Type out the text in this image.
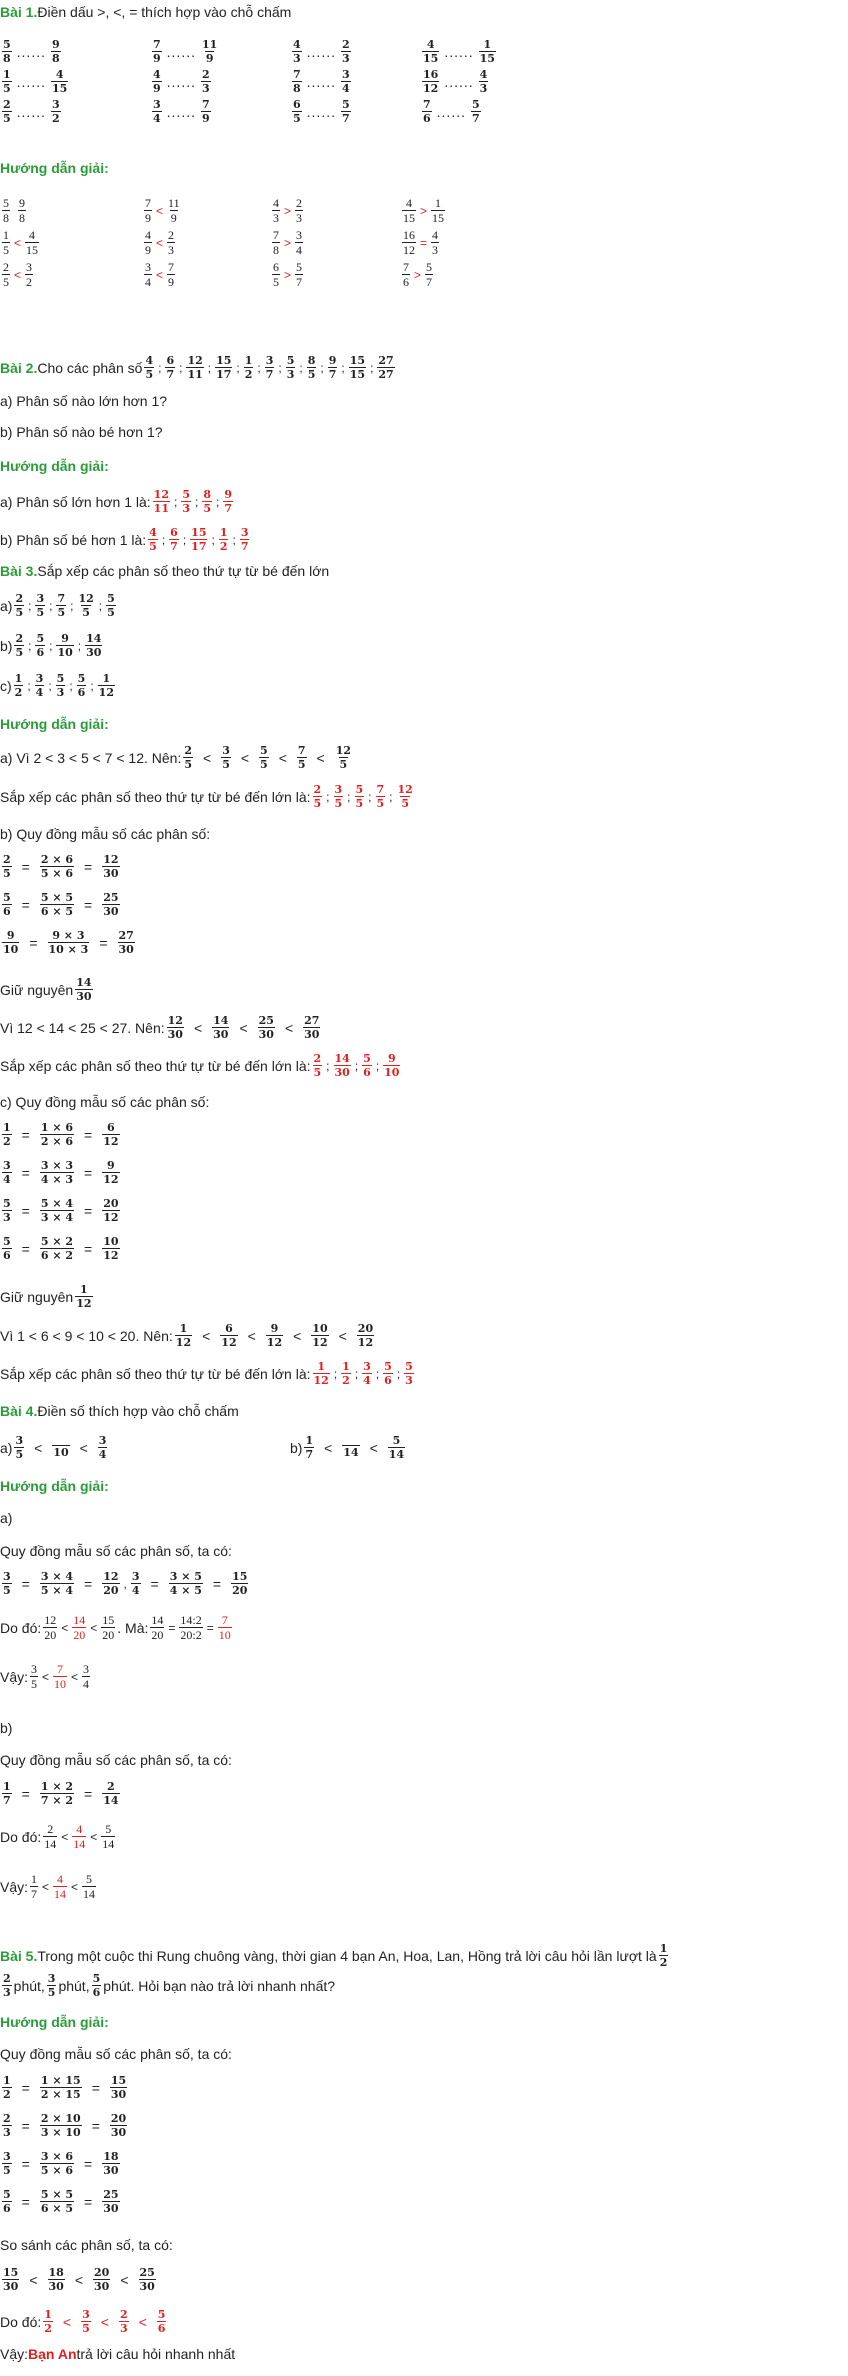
Bài 1. Điền dấu >, <, = thích hợp vào chỗ chấm
$\frac{5}{8}$ ...... $\frac{9}{8}$	$\frac{7}{9}$ ...... $\frac{11}{9}$	$\frac{4}{3}$ ...... $\frac{2}{3}$	$\frac{4}{15}$ ...... $\frac{1}{15}$
$\frac{1}{5}$ ...... $\frac{4}{15}$	$\frac{4}{9}$ ...... $\frac{2}{3}$	$\frac{7}{8}$ ...... $\frac{3}{4}$	$\frac{16}{12}$ ...... $\frac{4}{3}$
$\frac{2}{5}$ ...... $\frac{3}{2}$	$\frac{3}{4}$ ...... $\frac{7}{9}$	$\frac{6}{5}$ ...... $\frac{5}{7}$	$\frac{7}{6}$ ...... $\frac{5}{7}$
Hướng dẫn giải:
$\frac{5}{8} \frac{9}{8}$	$\frac{7}{9} < \frac{11}{9}$	$\frac{4}{3} > \frac{2}{3}$	$\frac{4}{15} > \frac{1}{15}$
$\frac{1}{5} < \frac{4}{15}$	$\frac{4}{9} < \frac{2}{3}$	$\frac{7}{8} > \frac{3}{4}$	$\frac{16}{12} = \frac{4}{3}$
$\frac{2}{5} < \frac{3}{2}$	$\frac{3}{4} < \frac{7}{9}$	$\frac{6}{5} > \frac{5}{7}$	$\frac{7}{6} > \frac{5}{7}$
Bài 2. Cho các phân số $\frac{4}{5}$ ; $\frac{6}{7}$ ; $\frac{12}{11}$ ; $\frac{15}{17}$ ; $\frac{1}{2}$ ; $\frac{3}{7}$ ; $\frac{5}{3}$ ; $\frac{8}{5}$ ; $\frac{9}{7}$ ; $\frac{15}{15}$ ; $\frac{27}{27}$
a) Phân số nào lớn hơn 1?
b) Phân số nào bé hơn 1?
Hướng dẫn giải:
a) Phân số lớn hơn 1 là: $\frac{12}{11}$ ; $\frac{5}{3}$ ; $\frac{8}{5}$ ; $\frac{9}{7}$
b) Phân số bé hơn 1 là: $\frac{4}{5}$ ; $\frac{6}{7}$ ; $\frac{15}{17}$ ; $\frac{1}{2}$ ; $\frac{3}{7}$
Bài 3. Sắp xếp các phân số theo thứ tự từ bé đến lớn
$a) \frac{2}{5}$ ; $\frac{3}{5}$ ; $\frac{7}{5}$ ; $\frac{12}{5}$ ; $\frac{5}{5}$
$b) \frac{2}{5}$ ; $\frac{5}{6}$ ; $\frac{9}{10}$ ; $\frac{14}{30}$
$c) \frac{1}{2}$ ; $\frac{3}{4}$ ; $\frac{5}{3}$ ; $\frac{5}{6}$ ; $\frac{1}{12}$
Hướng dẫn giải:
a) Vì 2 < 3 < 5 < 7 < 12. Nên: $\frac{2}{5} < \frac{3}{5} < \frac{5}{5} < \frac{7}{5} < \frac{12}{5}$
Sắp xếp các phân số theo thứ tự từ bé đến lớn là: $\frac{2}{5}$ ; $\frac{3}{5}$ ; $\frac{5}{5}$ ; $\frac{7}{5}$ ; $\frac{12}{5}$
b) Quy đồng mẫu số các phân số:
$\frac{2}{5} = \frac{2 \times 6}{5 \times 6} = \frac{12}{30}$
$\frac{5}{6} = \frac{5 \times 5}{6 \times 5} = \frac{25}{30}$
$\frac{9}{10} = \frac{9 \times 3}{10 \times 3} = \frac{27}{30}$
Giữ nguyên $\frac{14}{30}$
Vì 12 < 14 < 25 < 27. Nên: $\frac{12}{30} < \frac{14}{30} < \frac{25}{30} < \frac{27}{30}$
Sắp xếp các phân số theo thứ tự từ bé đến lớn là: $\frac{2}{5}$ ; $\frac{14}{30}$ ; $\frac{5}{6}$ ; $\frac{9}{10}$
c) Quy đồng mẫu số các phân số:
$\frac{1}{2} = \frac{1 \times 6}{2 \times 6} = \frac{6}{12}$
$\frac{3}{4} = \frac{3 \times 3}{4 \times 3} = \frac{9}{12}$
$\frac{5}{3} = \frac{5 \times 4}{3 \times 4} = \frac{20}{12}$
$\frac{5}{6} = \frac{5 \times 2}{6 \times 2} = \frac{10}{12}$
Giữ nguyên $\frac{1}{12}$
Vì 1 < 6 < 9 < 10 < 20. Nên: $\frac{1}{12} < \frac{6}{12} < \frac{9}{12} < \frac{10}{12} < \frac{20}{12}$
Sắp xếp các phân số theo thứ tự từ bé đến lớn là: $\frac{1}{12}$ ; $\frac{1}{2}$ ; $\frac{3}{4}$ ; $\frac{5}{6}$ ; $\frac{5}{3}$
Bài 4. Điền số thích hợp vào chỗ chấm
$a) \frac{3}{5} < 10 < \frac{3}{4}$	$b) \frac{1}{7} < 14 < \frac{5}{14}$
Hướng dẫn giải:
a)
Quy đồng mẫu số các phân số, ta có:
$\frac{3}{5} = \frac{3 \times 4}{5 \times 4} = \frac{12}{20}$ , $\frac{3}{4} = \frac{3 \times 5}{4 \times 5} = \frac{15}{20}$
Do đó: $\frac{12}{20} < \frac{14}{20} < \frac{15}{20}$ . Mà: $\frac{14}{20} = \frac{14:2}{20:2} = \frac{7}{10}$
Vậy: $\frac{3}{5} < \frac{7}{10} < \frac{3}{4}$
b)
Quy đồng mẫu số các phân số, ta có:
$\frac{1}{7} = \frac{1 \times 2}{7 \times 2} = \frac{2}{14}$
Do đó: $\frac{2}{14} < \frac{4}{14} < \frac{5}{14}$
Vậy: $\frac{1}{7} < \frac{4}{14} < \frac{5}{14}$
Bài 5. Trong một cuộc thi Rung chuông vàng, thời gian 4 bạn An, Hoa, Lan, Hồng trả lời câu hỏi lần lượt là $\frac{1}{2}$
$\frac{2}{3}$ phút, $\frac{3}{5}$ phút, $\frac{5}{6}$ phút. Hỏi bạn nào trả lời nhanh nhất?
Hướng dẫn giải:
Quy đồng mẫu số các phân số, ta có:
$\frac{1}{2} = \frac{1 \times 15}{2 \times 15} = \frac{15}{30}$
$\frac{2}{3} = \frac{2 \times 10}{3 \times 10} = \frac{20}{30}$
$\frac{3}{5} = \frac{3 \times 6}{5 \times 6} = \frac{18}{30}$
$\frac{5}{6} = \frac{5 \times 5}{6 \times 5} = \frac{25}{30}$
So sánh các phân số, ta có:
$\frac{15}{30} < \frac{18}{30} < \frac{20}{30} < \frac{25}{30}$
Do đó: $\frac{1}{2} < \frac{3}{5} < \frac{2}{3} < \frac{5}{6}$
Vậy: Bạn An trả lời câu hỏi nhanh nhất
